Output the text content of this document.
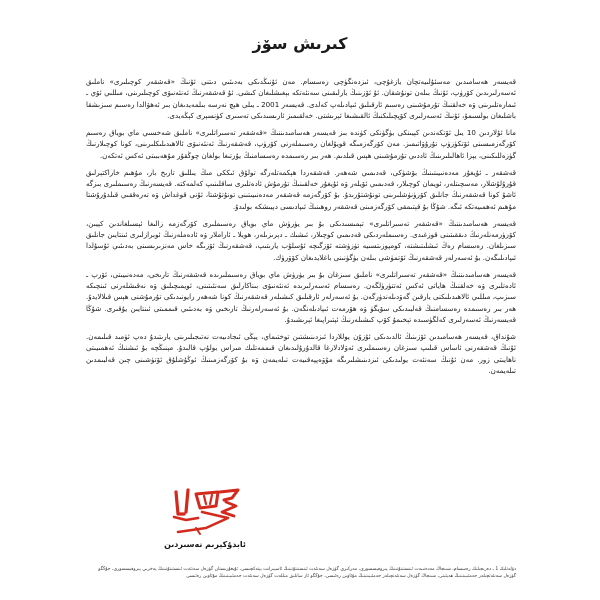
كىرىش سۆز

قەيسەر ھەسامىدىن مەسئۇلىيەتچان يازغۇچى، ئىزدەنگۈچى رەسسام. مەن ئۇنىڭدىكى بەدىئىي دىتنى ئۇنىڭ «قەشقەر كوچىلىرى» ناملىق ئەسەرلىرىدىن كۆرۈپ، ئۇنىڭ بىلەن تونۇشقان. ئۇ ئۆزىنىڭ بارلىقىنى سەنئەتكە بېغىشلىغان كىشى. ئۇ قەشقەرنىڭ ئەنئەنىۋى كوچىلىرىنى، مىللىي ئۆي ـ ئىمارەتلىرىنى ۋە خەلقنىڭ تۇرمۇشىنى رەسىم ئارقىلىق ئىپادىلەپ كەلدى. قەيسەر 2001 ـ يىلى ھېچ نەرسە بىلمەيدىغان بىر ئەھۋالدا رەسىم سىزىشقا باشلىغان بولسىمۇ، ئۇنىڭ ئەسەرلىرى كۆپچىلىكنىڭ ئالقىشىغا ئېرىشتى. خەلقىمىز ئارىسىدىكى تەسىرى كۈنسېرى كېڭەيدى.

مانا ئۇلاردىن 10 يىل ئۆتكەندىن كېيىنكى بۈگۈنكى كۈندە بىز قەيسەر ھەسامىدىننىڭ «قەشقەر تەسىراتلىرى» ناملىق شەخسىي ماي بوياق رەسىم كۆرگەزمىسىنى ئۆتكۈزۈپ تۇرۇۋاتىمىز. مەن كۆرگەزمىگە قويۇلغان رەسىملەرنى كۆرۈپ، قەشقەرنىڭ ئەنئەنىۋى ئالاھىدىلىكلىرىنى، كونا كوچىلارنىڭ گۈزەللىكىنى، يېزا ئاھالىلىرىنىڭ ئاددىي تۇرمۇشىنى ھېس قىلدىم. ھەر بىر رەسىمدە رەسسامنىڭ يۇرتىغا بولغان چوڭقۇر مۇھەببىتى ئەكس ئەتكەن.

قەشقەر ـ ئۇيغۇر مەدەنىيىتىنىڭ بۆشۈكى، قەدىمىي شەھەر. قەشقەردا ھېكمەتلەرگە تولۇق ئىككى مىڭ يىللىق تارىخ بار، مۇھىم خاراكتېرلىق قۇرۇلۇشلار، مەسچىتلەر، ئويمان كوچىلار، قەدىمىي ئۆيلەر ۋە ئۇيغۇر خەلقىنىڭ تۇرمۇش ئادەتلىرى ساقلىنىپ كەلمەكتە. قەيسەرنىڭ رەسىملىرى بىزگە ئاشۇ كونا قەشقەرنىڭ جانلىق كۆرۈنۈشلىرىنى تونۇشتۇرىدۇ. بۇ كۆرگەزمە قەشقەر مەدەنىيىتىنى تونۇتۇشتا، ئۇنى قوغداش ۋە تەرەققىي قىلدۇرۇشتا مۇھىم ئەھمىيەتكە ئىگە. شۇڭا بۇ قېتىمقى كۆرگەزمىنى قەشقەر روھىنىڭ ئىپادىسى دېيىشكە بولىدۇ.

قەيسەر ھەسامىدىننىڭ «قەشقەر تەسىراتلىرى» تېمىسىدىكى بۇ بىر يۈرۈش ماي بوياق رەسىملىرى كۆرگەزمە زالىغا ئېسىلغاندىن كېيىن، كۆرۈرمەنلەرنىڭ دىققىتىنى قوزغىدى. رەسىملەردىكى قەدىمىي كوچىلار، ئىشىك ـ دېرىزىلەر، ھويلا ـ ئاراملار ۋە ئادەملەرنىڭ ئوبرازلىرى ئىنتايىن جانلىق سىزىلغان. رەسسام رەڭ ئىشلىتىشتە، كومپوزىتسىيە تۈزۈشتە ئۆزگىچە ئۇسلۇب يارىتىپ، قەشقەرنىڭ ئۆزىگە خاس مەنزىرىسىنى بەدىئىي ئۇسۇلدا ئىپادىلىگەن. بۇ ئەسەرلەر قەشقەرنىڭ ئۆتمۈشى بىلەن بۈگۈنىنى باغلايدىغان كۆۋرۈك.

قەيسەر ھەسامىدىننىڭ «قەشقەر تەسىراتلىرى» ناملىق سىزغان بۇ بىر يۈرۈش ماي بوياق رەسىملىرىدە قەشقەرنىڭ تارىخى، مەدەنىيىتى، ئۆرپ ـ ئادەتلىرى ۋە خەلقنىڭ ھاياتى ئەكس ئەتتۈرۈلگەن. رەسسام ئەسەرلىرىدە ئەنئەنىۋى بىناكارلىق سەنئىتىنى، ئويمىچىلىق ۋە نەقىشلەرنى ئىنچىكە سىزىپ، مىللىي ئالاھىدىلىكنى يارقىن گەۋدىلەندۈرگەن. بۇ ئەسەرلەر ئارقىلىق كىشىلەر قەشقەرنىڭ كونا شەھەر رايونىدىكى تۇرمۇشنى ھېس قىلالايدۇ. ھەر بىر رەسىمدە رەسسامنىڭ قەلبىدىكى سۆيگۈ ۋە ھۆرمەت ئىپادىلەنگەن. بۇ ئەسەرلەرنىڭ تارىخىي ۋە بەدىئىي قىممىتى ئىنتايىن يۇقىرى. شۇڭا قەيسەرنىڭ ئەسەرلىرى كەلگۈسىدە تېخىمۇ كۆپ كىشىلەرنىڭ ئېتىراپىغا ئېرىشىدۇ.

شۇنداق، قەيسەر ھەسامىدىن ئۆزىنىڭ ئالدىدىكى ئۇزۇن يوللاردا ئىزدىنىشتىن توختىماي، يېڭى ئىجادىيەت نەتىجىلىرىنى يارىتىدۇ دەپ ئۈمىد قىلىمەن. ئۇنىڭ قەشقەرنى ئاساس قىلىپ سىزغان رەسىملىرى ئەۋلادلارغا قالدۇرۇلىدىغان قىممەتلىك مىراس بولۇپ قالىدۇ. مېنىڭچە بۇ ئىشنىڭ ئەھمىيىتى ناھايىتى زور. مەن ئۇنىڭ سەنئەت يولىدىكى ئىزدىنىشلىرىگە مۇۋەپپەقىيەت تىلەيمەن ۋە بۇ كۆرگەزمىنىڭ ئوڭۇشلۇق ئۆتۈشىنى چىن قەلبىمدىن تىلەيمەن.

ئابدۇكېرىم نەسىردىن
دۆلەتلىك 1 ـ دەرىجىلىك رەسسام، شىنجاڭ مەدەنىيەت ئىنستىتۇتىنىڭ پىروفېسسورى، مەركىزى گۈزەل سەنئەت ئىنستىتۇتىنىڭ ئاسپىرانت يېتەكچىسى، ئۇيغۇرىستان گۈزەل سەنئەت ئىنستىتۇتىنىڭ پەخرىي پىروفېسسورى، جۇڭگو گۈزەل سەنئەتچىلەر جەمئىيىتىنىڭ ھەيئىتى، شىنجاڭ گۈزەل سەنئەتچىلەر جەمئىيىتىنىڭ مۇئاۋىن رەئىسى، جۇڭگو ئاز سانلىق مىللەت گۈزەل سەنئەت جەمئىيىتىنىڭ مۇئاۋىن رەئىسى
